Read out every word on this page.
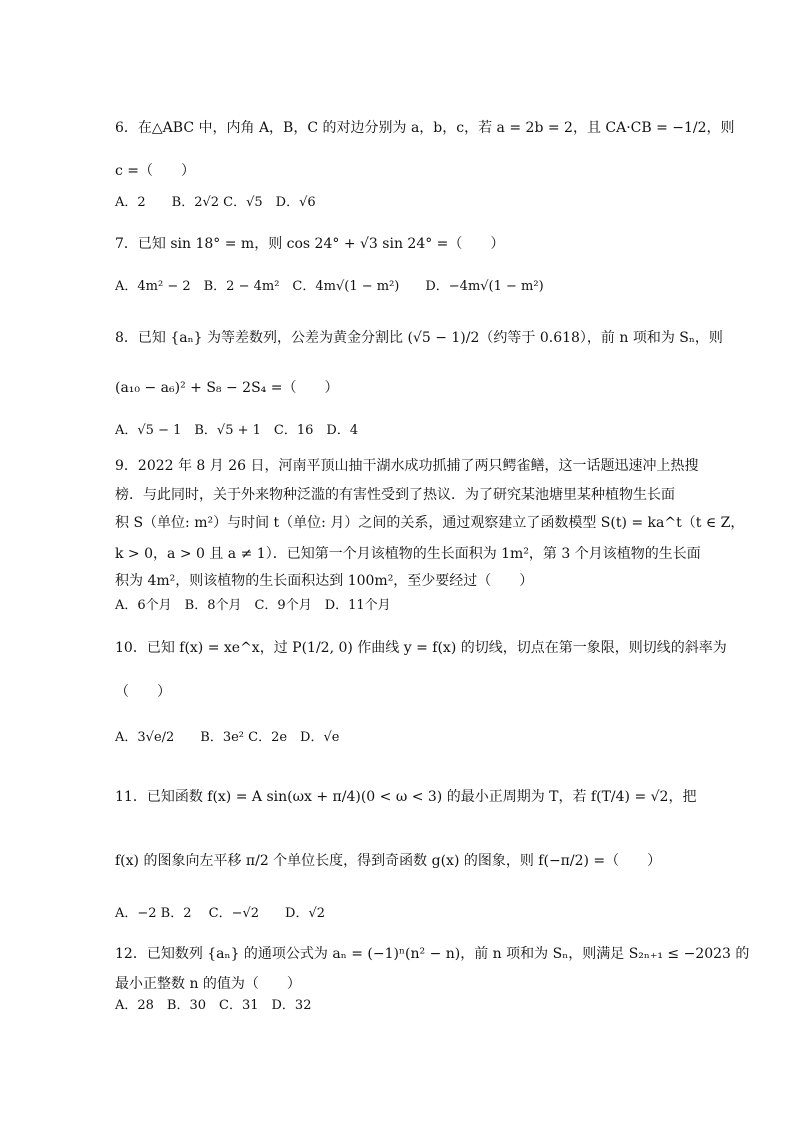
6．在△ABC 中，内角 A，B，C 的对边分别为 a，b，c，若 a = 2b = 2，且 CA·CB = −1/2，则
c =（　　）
A．2　　B．2√2 C．√5　D．√6
7．已知 sin 18° = m，则 cos 24° + √3 sin 24° =（　　）
A．4m² − 2　B．2 − 4m²　C．4m√(1 − m²)　　D．−4m√(1 − m²)
8．已知 {aₙ} 为等差数列，公差为黄金分割比 (√5 − 1)/2（约等于 0.618），前 n 项和为 Sₙ，则
(a₁₀ − a₆)² + S₈ − 2S₄ =（　　）
A．√5 − 1　B．√5 + 1　C．16　D．4
9．2022 年 8 月 26 日，河南平顶山抽干湖水成功抓捕了两只鳄雀鳝，这一话题迅速冲上热搜
榜．与此同时，关于外来物种泛滥的有害性受到了热议．为了研究某池塘里某种植物生长面
积 S（单位: m²）与时间 t（单位: 月）之间的关系，通过观察建立了函数模型 S(t) = ka^t（t ∈ Z，
k > 0，a > 0 且 a ≠ 1）．已知第一个月该植物的生长面积为 1m²，第 3 个月该植物的生长面
积为 4m²，则该植物的生长面积达到 100m²，至少要经过（　　）
A．6个月　B．8个月　C．9个月　D．11个月
10．已知 f(x) = xe^x，过 P(1/2, 0) 作曲线 y = f(x) 的切线，切点在第一象限，则切线的斜率为
（　　）
A．3√e/2　　B．3e² C．2e　D．√e
11．已知函数 f(x) = A sin(ωx + π/4)(0 < ω < 3) 的最小正周期为 T，若 f(T/4) = √2，把
f(x) 的图象向左平移 π/2 个单位长度，得到奇函数 g(x) 的图象，则 f(−π/2) =（　　）
A．−2 B．2　 C．−√2　　D．√2
12．已知数列 {aₙ} 的通项公式为 aₙ = (−1)ⁿ(n² − n)，前 n 项和为 Sₙ，则满足 S₂ₙ₊₁ ≤ −2023 的
最小正整数 n 的值为（　　）
A．28　B．30　C．31　D．32
